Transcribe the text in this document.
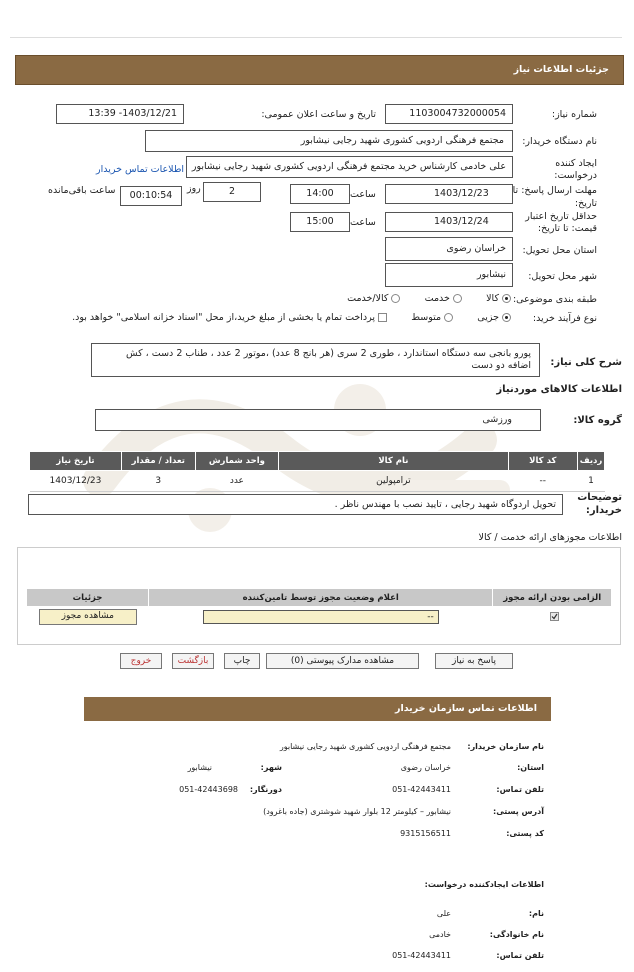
جزئیات اطلاعات نیاز
شماره نیاز:
1103004732000054
تاریخ و ساعت اعلان عمومی:
1403/12/21- 13:39
نام دستگاه خریدار:
مجتمع فرهنگی اردویی کشوری شهید رجایی نیشابور
ایجاد کننده
درخواست:
علی خادمی کارشناس خرید مجتمع فرهنگی اردویی کشوری شهید رجایی نیشابور
اطلاعات تماس خریدار
مهلت ارسال پاسخ: تا
تاریخ:
1403/12/23
ساعت
14:00
2
روز
00:10:54
ساعت باقی‌مانده
حداقل تاریخ اعتبار
قیمت: تا تاریخ:
1403/12/24
ساعت
15:00
استان محل تحویل:
خراسان رضوی
شهر محل تحویل:
نیشابور
طبقه بندی موضوعی:
کالا         خدمت         کالا/خدمت
نوع فرآیند خرید:
جزیی         متوسط         پرداخت تمام یا بخشی از مبلغ خرید،از محل "اسناد خزانه اسلامی" خواهد بود.
شرح کلی نیاز:
پورو بانجی سه دستگاه استاندارد ، طوری 2 سری (هر بانج 8 عدد) ،موتور 2 عدد ، طناب 2 دست ، کش اضافه دو دست
اطلاعات کالاهای موردنیاز
گروه کالا:
ورزشی
ردیف	کد کالا	نام کالا	واحد شمارش	تعداد / مقدار	تاریخ نیاز
1	--	ترامپولین	عدد	3	1403/12/23
توضیحات
خریدار:
تحویل اردوگاه شهید رجایی ، تایید نصب با مهندس ناظر .
اطلاعات مجوزهای ارائه خدمت / کالا
الزامی بودن ارائه مجوز	اعلام وضعیت مجوز توسط تامین‌کننده	جزئیات

	--	مشاهده مجوز
پاسخ به نیاز
مشاهده مدارک پیوستی (0)
چاپ
بازگشت
خروج
اطلاعات تماس سازمان خریدار
نام سازمان خریدار:
مجتمع فرهنگی اردویی کشوری شهید رجایی نیشابور
استان:
خراسان رضوی
شهر:
نیشابور
تلفن تماس:
051-42443411
دورنگار:
051-42443698
آدرس پستی:
نیشابور – کیلومتر 12 بلوار شهید شوشتری (جاده باغرود)
کد پستی:
9315156511
اطلاعات ایجادکننده درخواست:
نام:
علی
نام خانوادگی:
خادمی
تلفن تماس:
051-42443411
